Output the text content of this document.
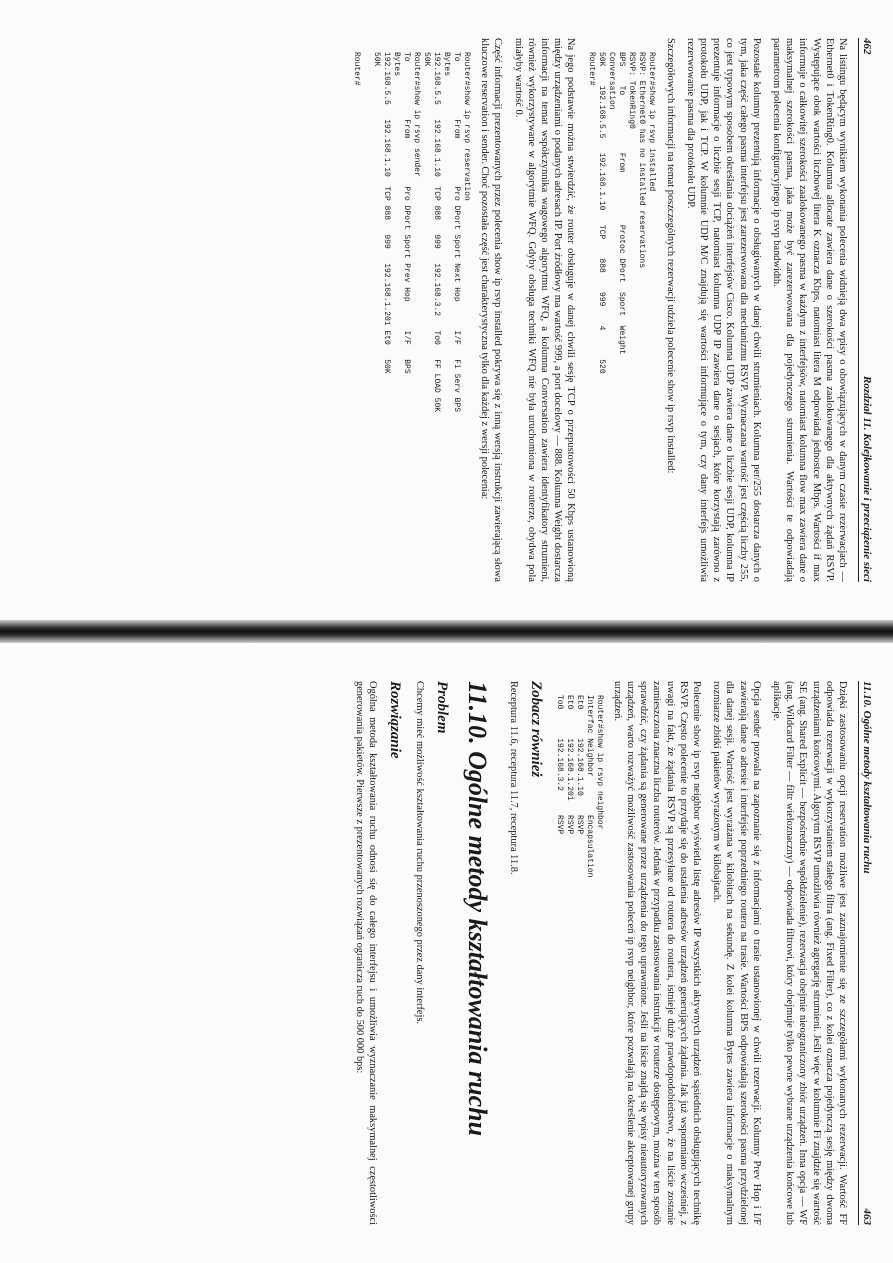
462
Rozdział 11. Kolejkowanie i przeciążenie sieci

Na listingu będącym wynikiem wykonania polecenia widnieją dwa wpisy o obowiązujących w danym czasie rezerwacjach — Ethernet0 i TokenRing0. Kolumna allocate zawiera dane o szerokości pasma zaalokowanego dla aktywnych żądań RSVP. Występujące obok wartości liczbowej litera K oznacza Kbps, natomiast litera M odpowiada jednostce Mbps. Wartości if max informuje o całkowitej szerokości zaalokowanego pasma w każdym z interfejsów, natomiast kolumna flow max zawiera dane o maksymalnej szerokości pasma, jaka może być zarezerwowana dla pojedynczego strumienia. Wartości te odpowiadają parametrom polecenia konfiguracyjnego ip rsvp bandwidth.

Pozostałe kolumny prezentują informacje o obsługiwanych w danej chwili strumieniach. Kolumna per/255 dostarcza danych o tym, jaka część całego pasma interfejsu jest zarezerwowana dla mechanizmu RSVP. Wyznaczana wartość jest częścią liczby 255, co jest typowym sposobem określania obciążeń interfejsów Cisco. Kolumna UDP zawiera dane o liczbie sesji UDP, kolumna IP prezentuje informacje o liczbie sesji TCP, natomiast kolumna UDP IP zawiera dane o sesjach, które korzystają zarówno z protokołu UDP, jak i TCP. W kolumnie UDP M/C znajdują się wartości informujące o tym, czy dany interfejs umożliwia rezerwowanie pasma dla protokołu UDP.

Szczegółowych informacji na temat poszczególnych rezerwacji udziela polecenie show ip rsvp installed:

Router#show ip rsvp installed
RSVP: Ethernet0 has no installed reservations
RSVP: TokenRing0
BPS    To            From           Protoc DPort  Sport  Weight
Conversation
50K    192.168.5.5   192.168.1.10   TCP    888    999    4      520
Router#

Na jego podstawie można stwierdzić, że router obsługuje w danej chwili sesję TCP o przepustowości 50 Kbps ustanowioną między urządzeniami o podanych adresach IP. Port źródłowy ma wartość 999, a port docelowy — 888. Kolumna Weight dostarcza informacji na temat współczynnika wagowego algorytmu WFQ, a kolumna Conversation zawiera identyfikatory strumieni, również wykorzystywane w algorytmie WFQ. Gdyby obsługa techniki WFQ nie była uruchomiona w routerze, obydwa pola miałyby wartość 0.

Część informacji prezentowanych przez polecenia show ip rsvp installed pokrywa się z inną wersją instrukcji zawierającą słowa kluczowe reservation i sender. Choć pozostała część jest charakterystyczna tylko dla każdej z wersji polecenia:

Router#show ip rsvp reservation
To            From          Pro DPort Sport Next Hop      I/F   Fi Serv BPS
Bytes
192.168.5.5   192.168.1.10  TCP 888   999   192.168.3.2   To0   FF LOAD 50K
50K
Router#show ip rsvp sender
To            From          Pro DPort Sport Prev Hop      I/F   BPS
Bytes
192.168.5.5   192.168.1.10  TCP 888   999   192.168.1.201 Et0   50K
50K

Router#
11.10. Ogólne metody kształtowania ruchu
463

Dzięki zastosowaniu opcji reservation możliwe jest zaznajomienie się ze szczegółami wykonanych rezerwacji. Wartość FF odpowiada rezerwacji w wykorzystaniem stałego filtra (ang. Fixed Filter), co z kolei oznacza pojedynczą sesję między dwoma urządzeniami końcowymi. Algorytm RSVP umożliwia również agregację strumieni. Jeśli więc w kolumnie Fi znajdzie się wartość SE (ang. Shared Explicit — bezpośrednie współdzielenie), rezerwacja obejmie nieograniczony zbiór urządzeń. Inna opcja — WF (ang. Wildcard Filter — filtr wieloznaczny) — odpowiada filtrowi, który obejmuje tylko pewne wybrane urządzenia końcowe lub aplikacje.

Opcja sender pozwala na zapoznanie się z informacjami o trasie ustanowionej w chwili rezerwacji. Kolumny Prev Hop i I/F zawierają dane o adresie i interfejsie poprzedniego routera na trasie. Wartości BPS odpowiadają szerokości pasma przydzielonej dla danej sesji. Wartość jest wyrażana w kilobitach na sekundę. Z kolei kolumna Bytes zawiera informacje o maksymalnym rozmiarze zbitki pakietów wyrażonym w kilobajtach.

Polecenie show ip rsvp neighbor wyświetla listę adresów IP wszystkich aktywnych urządzeń sąsiednich obsługujących technikę RSVP. Często polecenie to przydaje się do ustalenia adresów urządzeń generujących żądania. Jak już wspomniano wcześniej, z uwagi na fakt, że żądania RSVP są przesyłane od routera do routera, istnieje duże prawdopodobieństwo, że na liście zostanie zamieszczona znaczna liczba routerów. Jednak w przypadku zastosowania instrukcji w routerze dostępowym, można w ten sposób sprawdzić, czy żądania są generowane przez urządzenia do tego uprawnione. Jeśli na liście znajdą się wpisy nieautoryzowanych urządzeń, warto rozważyć możliwość zastosowania poleceń ip rsvp neighbor, które pozwalają na określenie akceptowanej grupy urządzeń.

Router#show ip rsvp neighbor
Interfac Neighbor        Encapsulation
Et0      192.168.1.10    RSVP
Et0      192.168.1.201   RSVP
To0      192.168.3.2     RSVP
Zobacz również

Receptura 11.6, receptura 11.7, receptura 11.8.

11.10. Ogólne metody kształtowania ruchu
Problem

Chcemy mieć możliwość kształtowania ruchu przenoszonego przez dany interfejs.

Rozwiązanie

Ogólna metoda kształtowania ruchu odnosi się do całego interfejsu i umożliwia wyznaczanie maksymalnej częstotliwości generowania pakietów. Pierwsze z prezentowanych rozwiązań ogranicza ruch do 500 000 bps:
